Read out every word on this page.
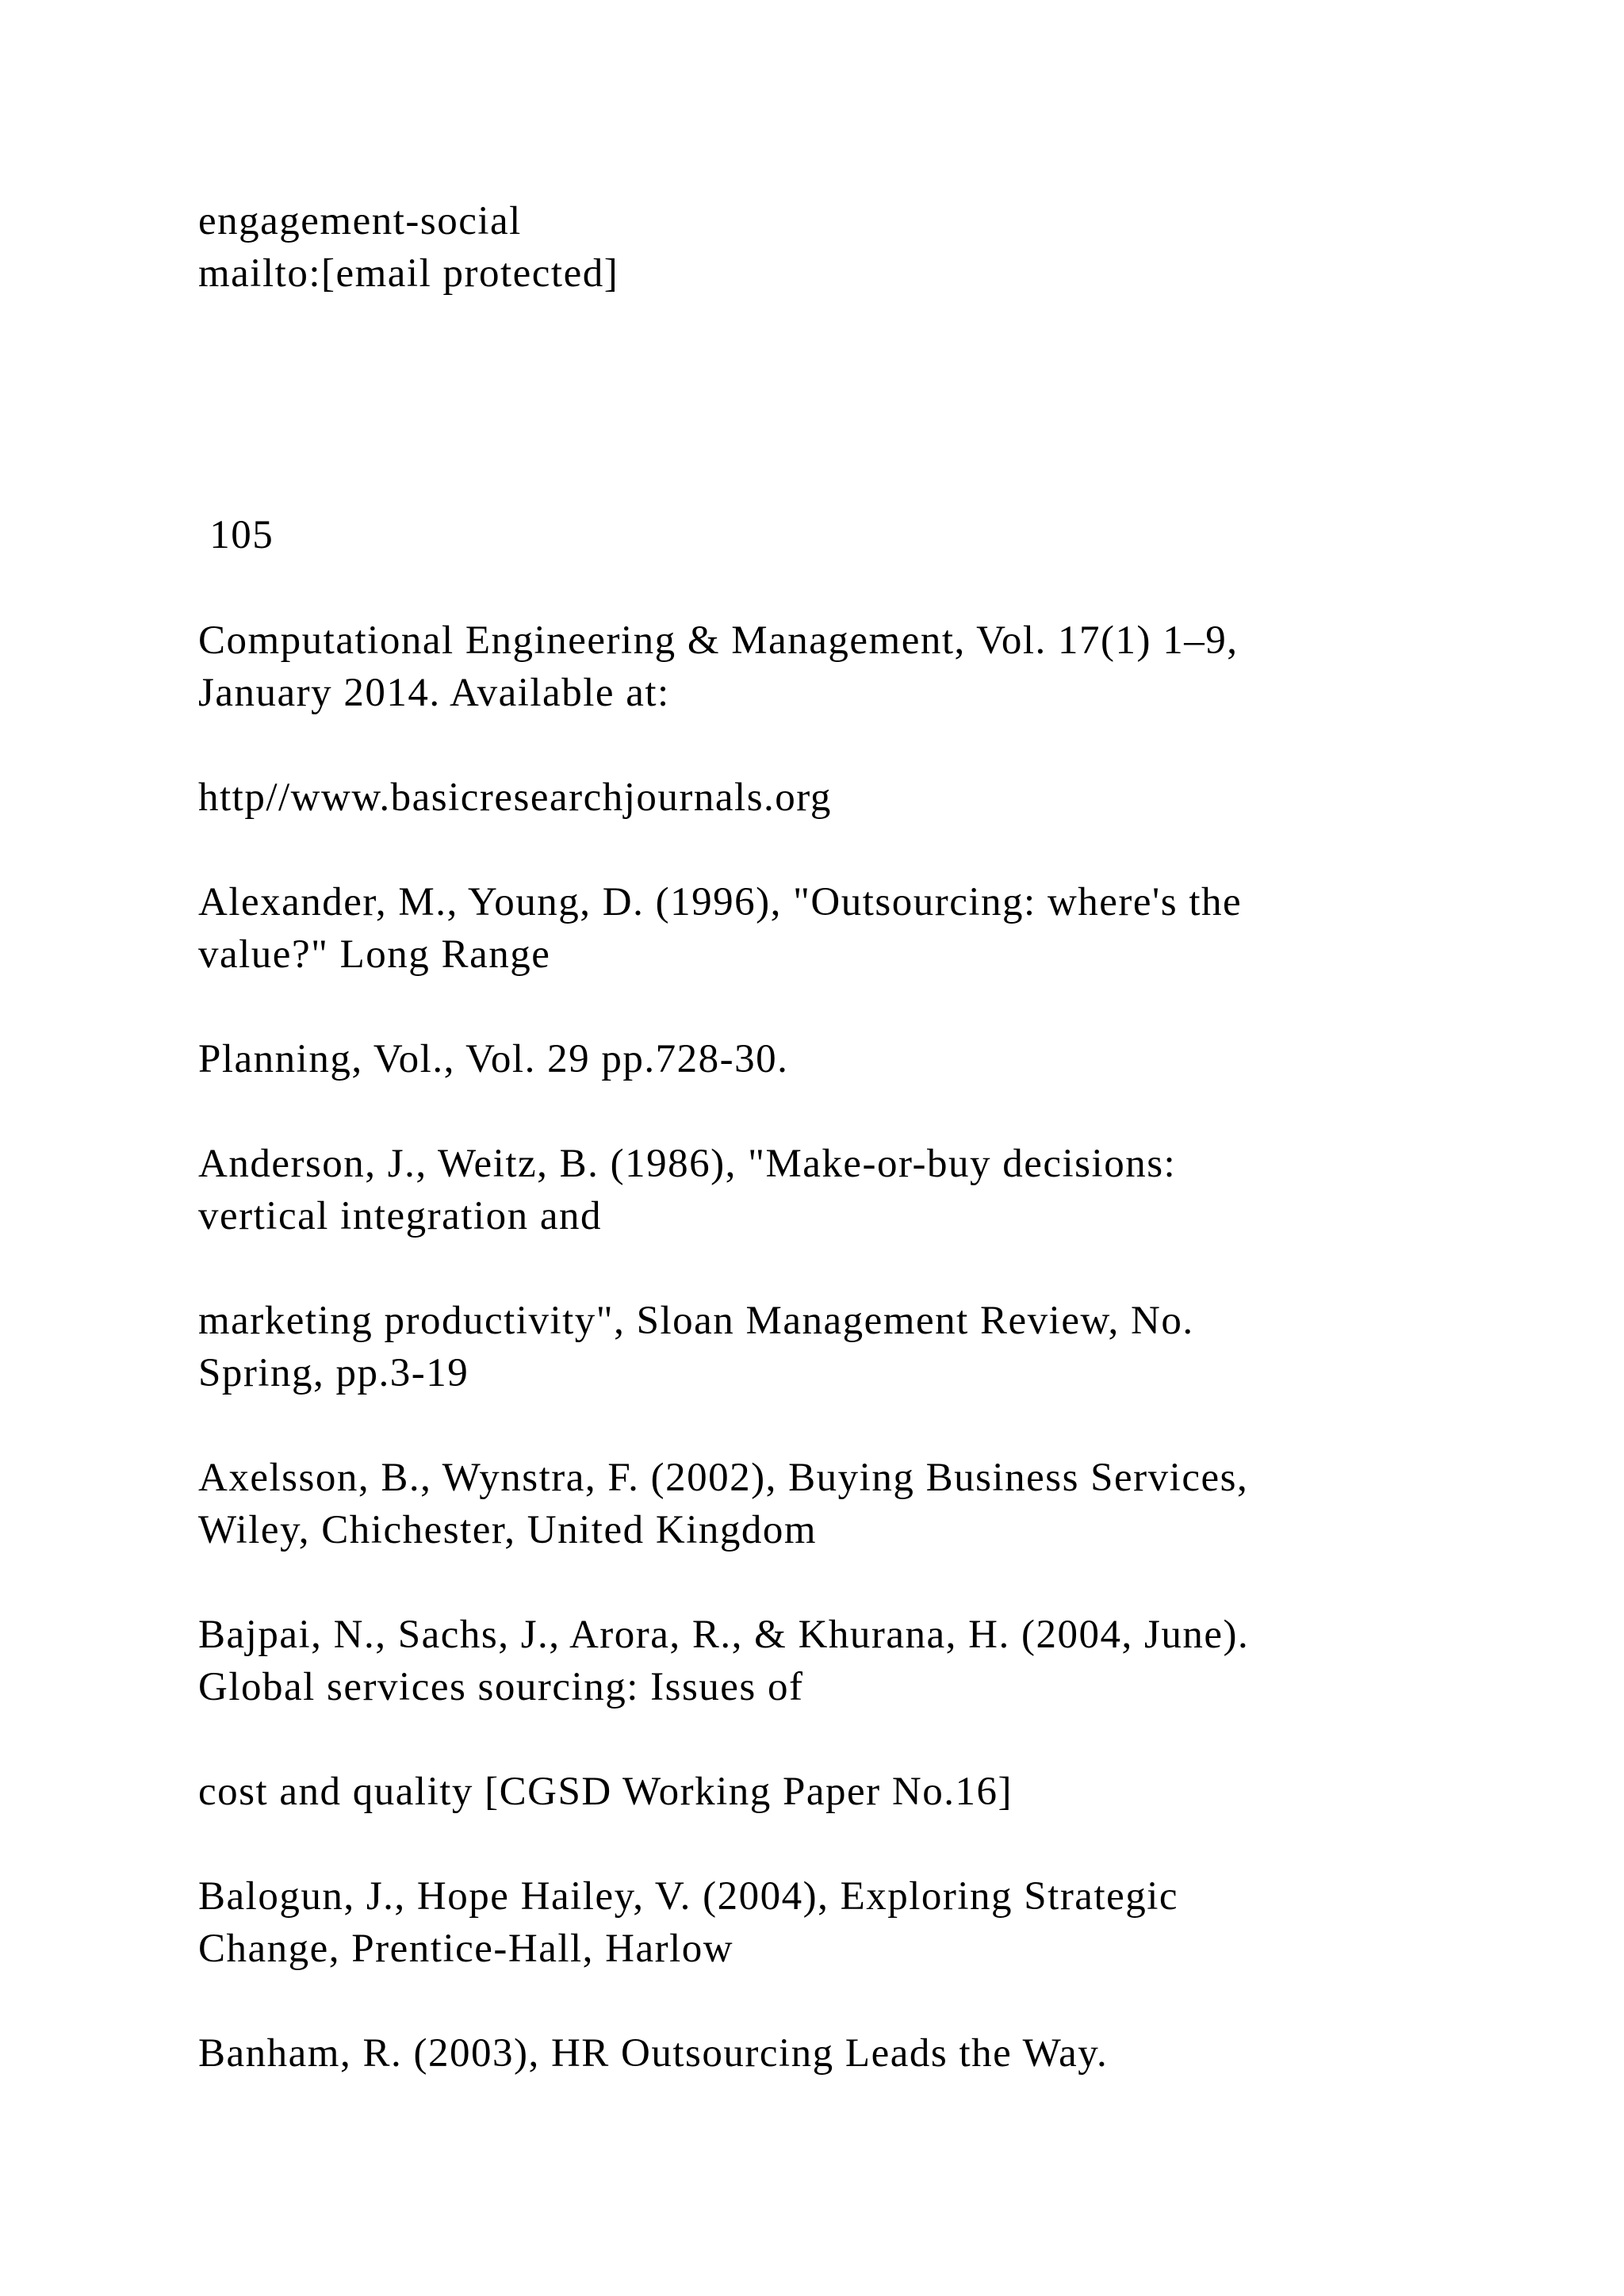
engagement-social
mailto:[email protected]
105
Computational Engineering & Management, Vol. 17(1) 1–9,
January 2014. Available at:
http//www.basicresearchjournals.org
Alexander, M., Young, D. (1996), "Outsourcing: where's the
value?" Long Range
Planning, Vol., Vol. 29 pp.728-30.
Anderson, J., Weitz, B. (1986), "Make-or-buy decisions:
vertical integration and
marketing productivity", Sloan Management Review, No.
Spring, pp.3-19
Axelsson, B., Wynstra, F. (2002), Buying Business Services,
Wiley, Chichester, United Kingdom
Bajpai, N., Sachs, J., Arora, R., & Khurana, H. (2004, June).
Global services sourcing: Issues of
cost and quality [CGSD Working Paper No.16]
Balogun, J., Hope Hailey, V. (2004), Exploring Strategic
Change, Prentice-Hall, Harlow
Banham, R. (2003), HR Outsourcing Leads the Way.
